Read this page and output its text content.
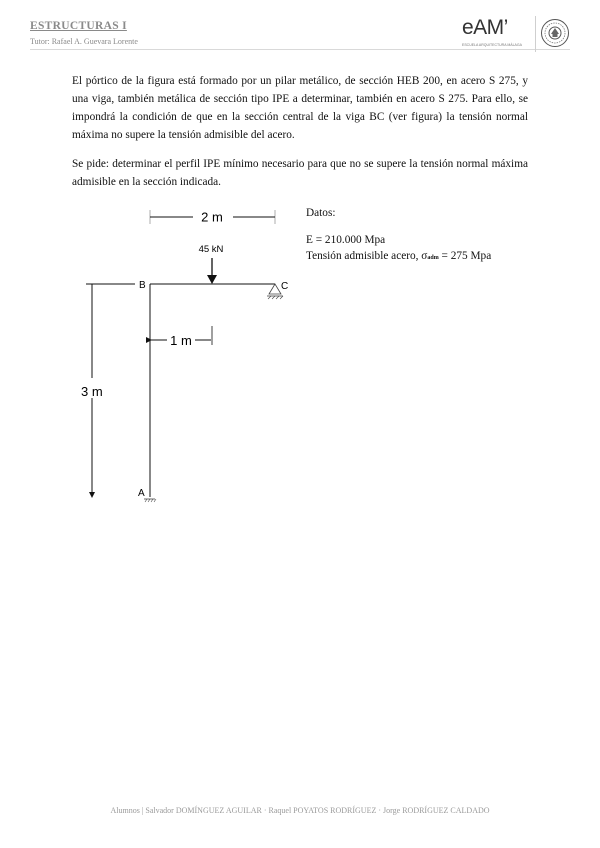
ESTRUCTURAS I
Tutor: Rafael A. Guevara Lorente
eAM’
ESCUELA ARQUITECTURA MÁLAGA
El pórtico de la figura está formado por un pilar metálico, de sección HEB 200, en acero S 275, y una viga, también metálica de sección tipo IPE a determinar, también en acero S 275. Para ello, se impondrá la condición de que en la sección central de la viga BC (ver figura) la tensión normal máxima no supere la tensión admisible del acero.
Se pide: determinar el perfil IPE mínimo necesario para que no se supere la tensión normal máxima admisible en la sección indicada.
Datos:
E = 210.000 Mpa
Tensión admisible acero, σadm = 275 Mpa
2 m
45 kN
B	C
1 m
3 m
A
Alumnos | Salvador DOMÍNGUEZ AGUILAR · Raquel POYATOS RODRÍGUEZ · Jorge RODRÍGUEZ CALDADO
